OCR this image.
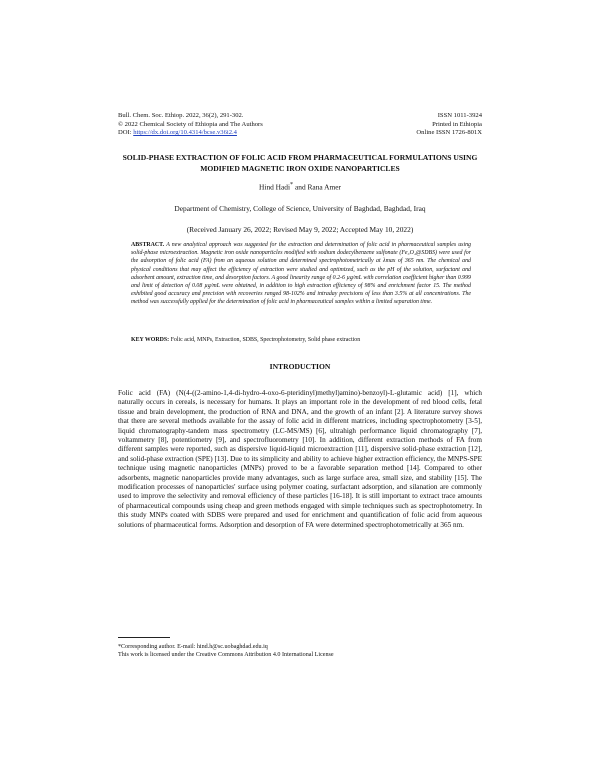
Bull. Chem. Soc. Ethiop. 2022, 36(2), 291-302.
© 2022 Chemical Society of Ethiopia and The Authors
DOI: https://dx.doi.org/10.4314/bcse.v36i2.4
ISSN 1011-3924
Printed in Ethiopia
Online ISSN 1726-801X
SOLID-PHASE EXTRACTION OF FOLIC ACID FROM PHARMACEUTICAL FORMULATIONS USING MODIFIED MAGNETIC IRON OXIDE NANOPARTICLES
Hind Hadi* and Rana Amer
Department of Chemistry, College of Science, University of Baghdad, Baghdad, Iraq
(Received January 26, 2022; Revised May 9, 2022; Accepted May 10, 2022)
ABSTRACT. A new analytical approach was suggested for the extraction and determination of folic acid in pharmaceutical samples using solid-phase microextraction. Magnetic iron oxide nanoparticles modified with sodium dodecylbenzene sulfonate (Fe₃O₄@SDBS) were used for the adsorption of folic acid (FA) from an aqueous solution and determined spectrophotometrically at λmax of 365 nm. The chemical and physical conditions that may affect the efficiency of extraction were studied and optimized, such as the pH of the solution, surfactant and adsorbent amount, extraction time, and desorption factors. A good linearity range of 0.2-6 µg/mL with correlation coefficient higher than 0.999 and limit of detection of 0.08 µg/mL were obtained, in addition to high extraction efficiency of 98% and enrichment factor 15. The method exhibited good accuracy and precision with recoveries ranged 98-102% and intraday precisions of less than 3.5% at all concentrations. The method was successfully applied for the determination of folic acid in pharmaceutical samples within a limited separation time.
KEY WORDS: Folic acid, MNPs, Extraction, SDBS, Spectrophotometry, Solid phase extraction
INTRODUCTION
Folic acid (FA) (N(4-((2-amino-1,4-di-hydro-4-oxo-6-pteridinyl)methyl)amino)-benzoyl)-L-glutamic acid) [1], which naturally occurs in cereals, is necessary for humans. It plays an important role in the development of red blood cells, fetal tissue and brain development, the production of RNA and DNA, and the growth of an infant [2]. A literature survey shows that there are several methods available for the assay of folic acid in different matrices, including spectrophotometry [3-5], liquid chromatography-tandem mass spectrometry (LC-MS/MS) [6], ultrahigh performance liquid chromatography [7], voltammetry [8], potentiometry [9], and spectrofluorometry [10]. In addition, different extraction methods of FA from different samples were reported, such as dispersive liquid-liquid microextraction [11], dispersive solid-phase extraction [12], and solid-phase extraction (SPE) [13]. Due to its simplicity and ability to achieve higher extraction efficiency, the MNPS-SPE technique using magnetic nanoparticles (MNPs) proved to be a favorable separation method [14]. Compared to other adsorbents, magnetic nanoparticles provide many advantages, such as large surface area, small size, and stability [15]. The modification processes of nanoparticles' surface using polymer coating, surfactant adsorption, and silanation are commonly used to improve the selectivity and removal efficiency of these particles [16-18]. It is still important to extract trace amounts of pharmaceutical compounds using cheap and green methods engaged with simple techniques such as spectrophotometry. In this study MNPs coated with SDBS were prepared and used for enrichment and quantification of folic acid from aqueous solutions of pharmaceutical forms. Adsorption and desorption of FA were determined spectrophotometrically at 365 nm.
*Corresponding author. E-mail: hind.h@sc.uobaghdad.edu.iq
This work is licensed under the Creative Commons Attribution 4.0 International License
